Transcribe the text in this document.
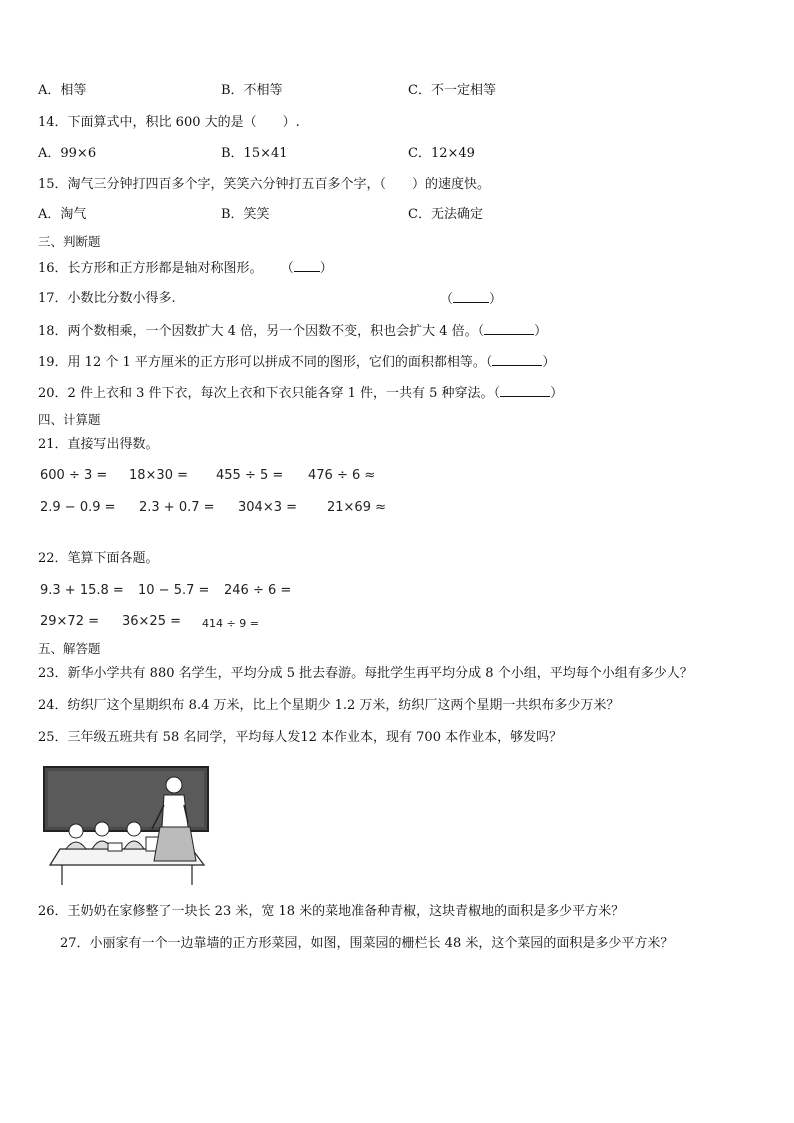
A．相等	B．不相等	C．不一定相等
14．下面算式中，积比 600 大的是（　　）.
A．99×6	B．15×41	C．12×49
15．淘气三分钟打四百多个字，笑笑六分钟打五百多个字，（　　）的速度快。
A．淘气	B．笑笑	C．无法确定
三、判断题
16．长方形和正方形都是轴对称图形。 （ ）
17．小数比分数小得多.	（	）
18．两个数相乘，一个因数扩大 4 倍，另一个因数不变，积也会扩大 4 倍。（	）
19．用 12 个 1 平方厘米的正方形可以拼成不同的图形，它们的面积都相等。（	）
20．2 件上衣和 3 件下衣，每次上衣和下衣只能各穿 1 件，一共有 5 种穿法。（	）
四、计算题
21．直接写出得数。
600 ÷ 3 = 18×30 = 455 ÷ 5 = 476 ÷ 6 ≈
2.9 − 0.9 = 2.3 + 0.7 = 304×3 = 21×69 ≈
22．笔算下面各题。
9.3 + 15.8 = 10 − 5.7 = 246 ÷ 6 =
29×72 = 36×25 = 414 ÷ 9 =
五、解答题
23．新华小学共有 880 名学生，平均分成 5 批去春游。每批学生再平均分成 8 个小组，平均每个小组有多少人？
24．纺织厂这个星期织布 8.4 万米，比上个星期少 1.2 万米，纺织厂这两个星期一共织布多少万米？
25．三年级五班共有 58 名同学，平均每人发12 本作业本，现有 700 本作业本，够发吗？
26．王奶奶在家修整了一块长 23 米，宽 18 米的菜地准备种青椒，这块青椒地的面积是多少平方米？
27．小丽家有一个一边靠墙的正方形菜园，如图，围菜园的栅栏长 48 米，这个菜园的面积是多少平方米？
